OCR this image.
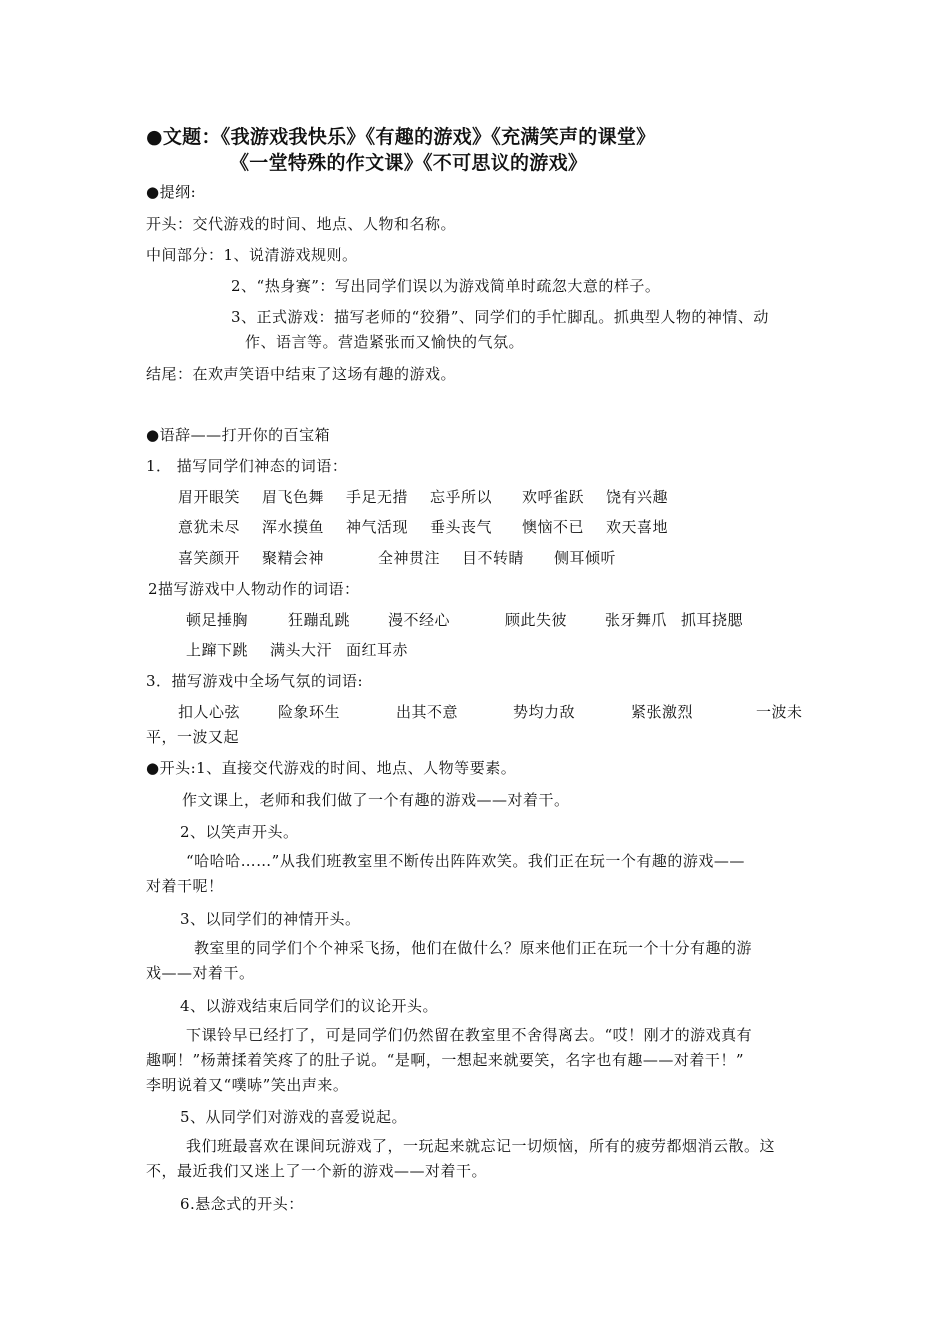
●文题：《我游戏我快乐》《有趣的游戏》《充满笑声的课堂》
《一堂特殊的作文课》《不可思议的游戏》
●提纲:
开头：交代游戏的时间、地点、人物和名称。
中间部分：1、说清游戏规则。
2、“热身赛”：写出同学们误以为游戏简单时疏忽大意的样子。
3、正式游戏：描写老师的“狡猾”、同学们的手忙脚乱。抓典型人物的神情、动
作、语言等。营造紧张而又愉快的气氛。
结尾：在欢声笑语中结束了这场有趣的游戏。
●语辞——打开你的百宝箱
1． 描写同学们神态的词语：
眉开眼笑 眉飞色舞 手足无措 忘乎所以 欢呼雀跃 饶有兴趣
意犹未尽 浑水摸鱼 神气活现 垂头丧气 懊恼不已 欢天喜地
喜笑颜开 聚精会神	全神贯注 目不转睛 侧耳倾听
2描写游戏中人物动作的词语：
顿足捶胸	狂蹦乱跳	漫不经心	顾此失彼	张牙舞爪 抓耳挠腮
上蹿下跳 满头大汗 面红耳赤
3．描写游戏中全场气氛的词语:
扣人心弦	险象环生	出其不意	势均力敌	紧张激烈	一波未
平，一波又起
●开头:1、直接交代游戏的时间、地点、人物等要素。
作文课上，老师和我们做了一个有趣的游戏——对着干。
2、以笑声开头。
“哈哈哈……”从我们班教室里不断传出阵阵欢笑。我们正在玩一个有趣的游戏——
对着干呢！
3、以同学们的神情开头。
教室里的同学们个个神采飞扬，他们在做什么？原来他们正在玩一个十分有趣的游
戏——对着干。
4、以游戏结束后同学们的议论开头。
下课铃早已经打了，可是同学们仍然留在教室里不舍得离去。“哎！刚才的游戏真有
趣啊！”杨萧揉着笑疼了的肚子说。“是啊，一想起来就要笑，名字也有趣——对着干！”
李明说着又“噗哧”笑出声来。
5、从同学们对游戏的喜爱说起。
我们班最喜欢在课间玩游戏了，一玩起来就忘记一切烦恼，所有的疲劳都烟消云散。这
不，最近我们又迷上了一个新的游戏——对着干。
6.悬念式的开头：
